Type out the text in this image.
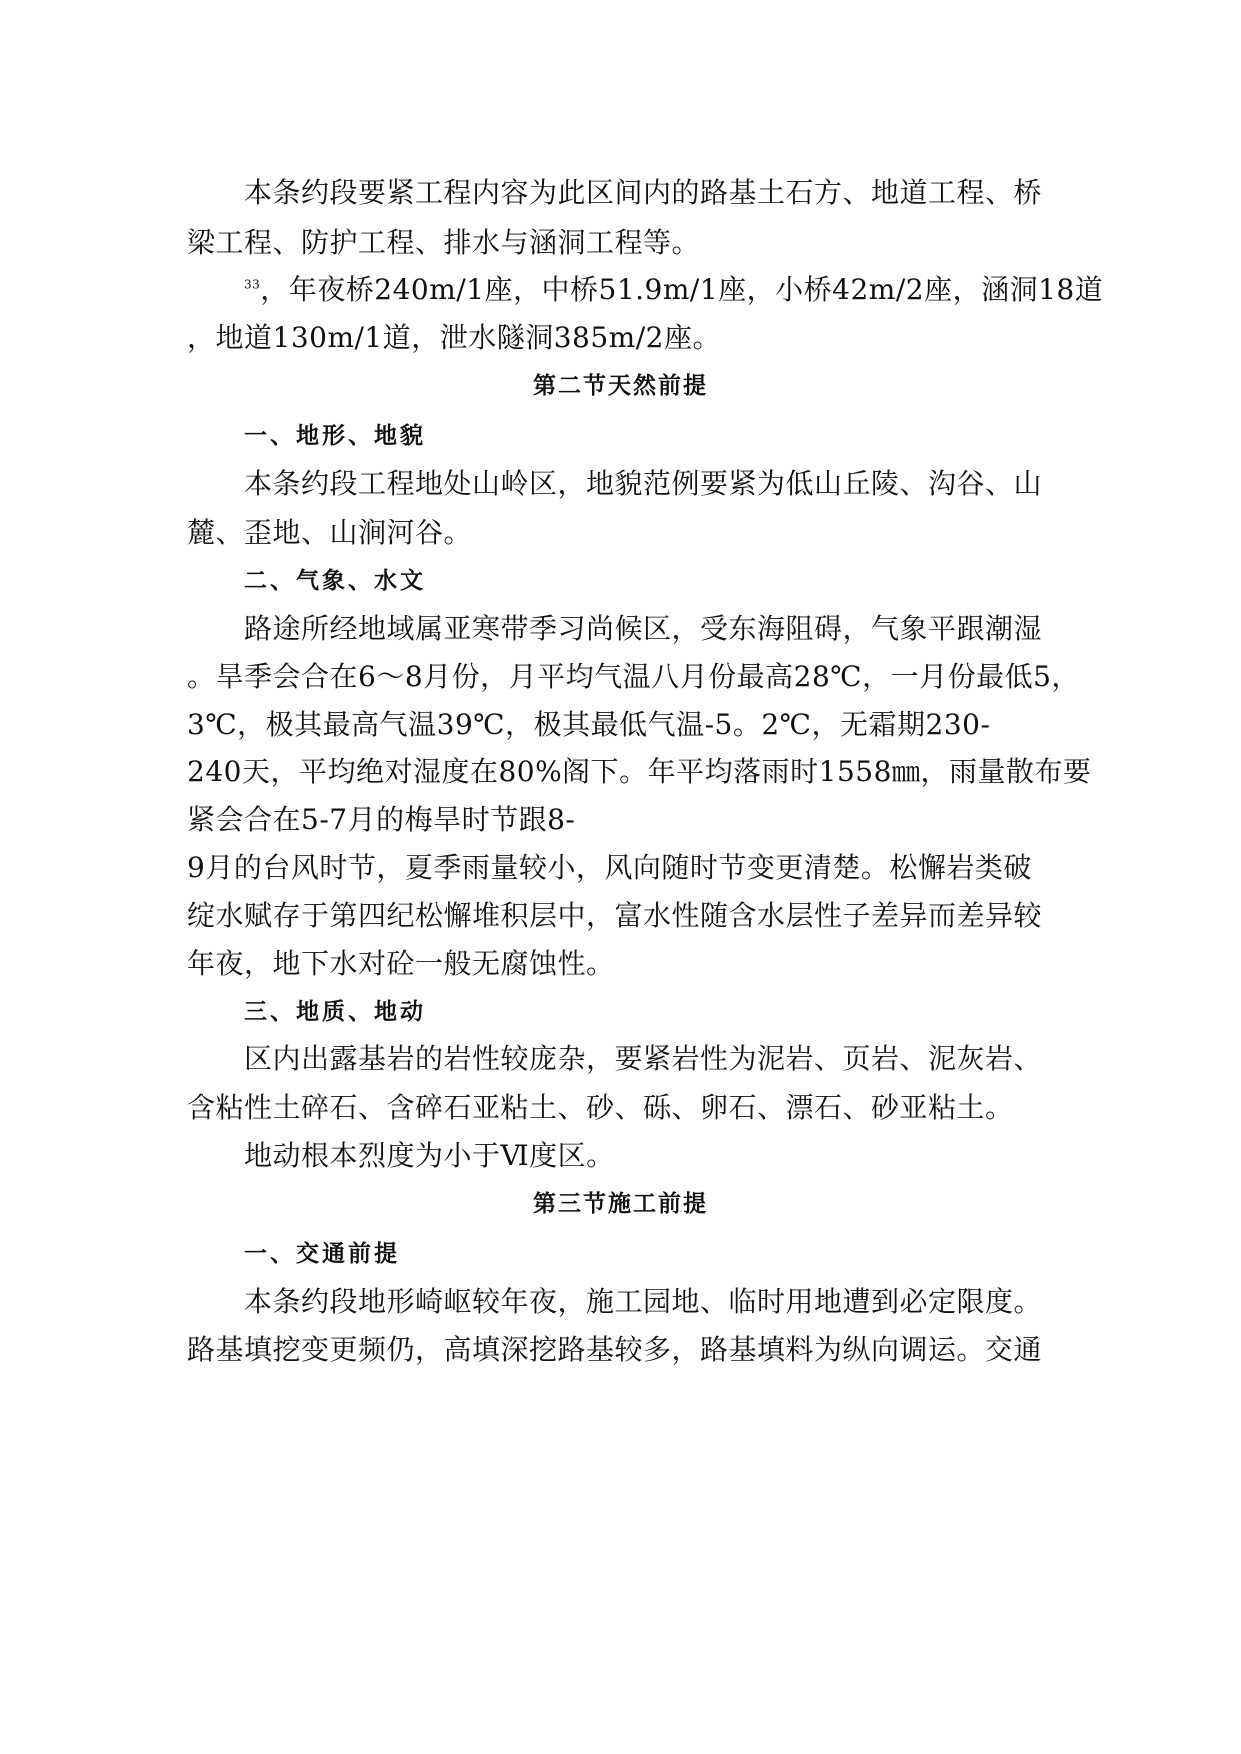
本条约段要紧工程内容为此区间内的路基土石方、地道工程、桥
梁工程、防护工程、排水与涵洞工程等。
$^{33}$，年夜桥240m/1座，中桥51.9m/1座，小桥42m/2座，涵洞18道
，地道130m/1道，泄水隧洞385m/2座。
第二节天然前提
一、地形、地貌
本条约段工程地处山岭区，地貌范例要紧为低山丘陵、沟谷、山
麓、歪地、山涧河谷。
二、气象、水文
路途所经地域属亚寒带季习尚候区，受东海阻碍，气象平跟潮湿
。旱季会合在6～8月份，月平均气温八月份最高28℃，一月份最低5，
3℃，极其最高气温39℃，极其最低气温-5。2℃，无霜期230-
240天，平均绝对湿度在80%阁下。年平均落雨时1558㎜，雨量散布要
紧会合在5-7月的梅旱时节跟8-
9月的台风时节，夏季雨量较小，风向随时节变更清楚。松懈岩类破
绽水赋存于第四纪松懈堆积层中，富水性随含水层性子差异而差异较
年夜，地下水对砼一般无腐蚀性。
三、地质、地动
区内出露基岩的岩性较庞杂，要紧岩性为泥岩、页岩、泥灰岩、
含粘性土碎石、含碎石亚粘土、砂、砾、卵石、漂石、砂亚粘土。
地动根本烈度为小于Ⅵ度区。
第三节施工前提
一、交通前提
本条约段地形崎岖较年夜，施工园地、临时用地遭到必定限度。
路基填挖变更频仍，高填深挖路基较多，路基填料为纵向调运。交通
